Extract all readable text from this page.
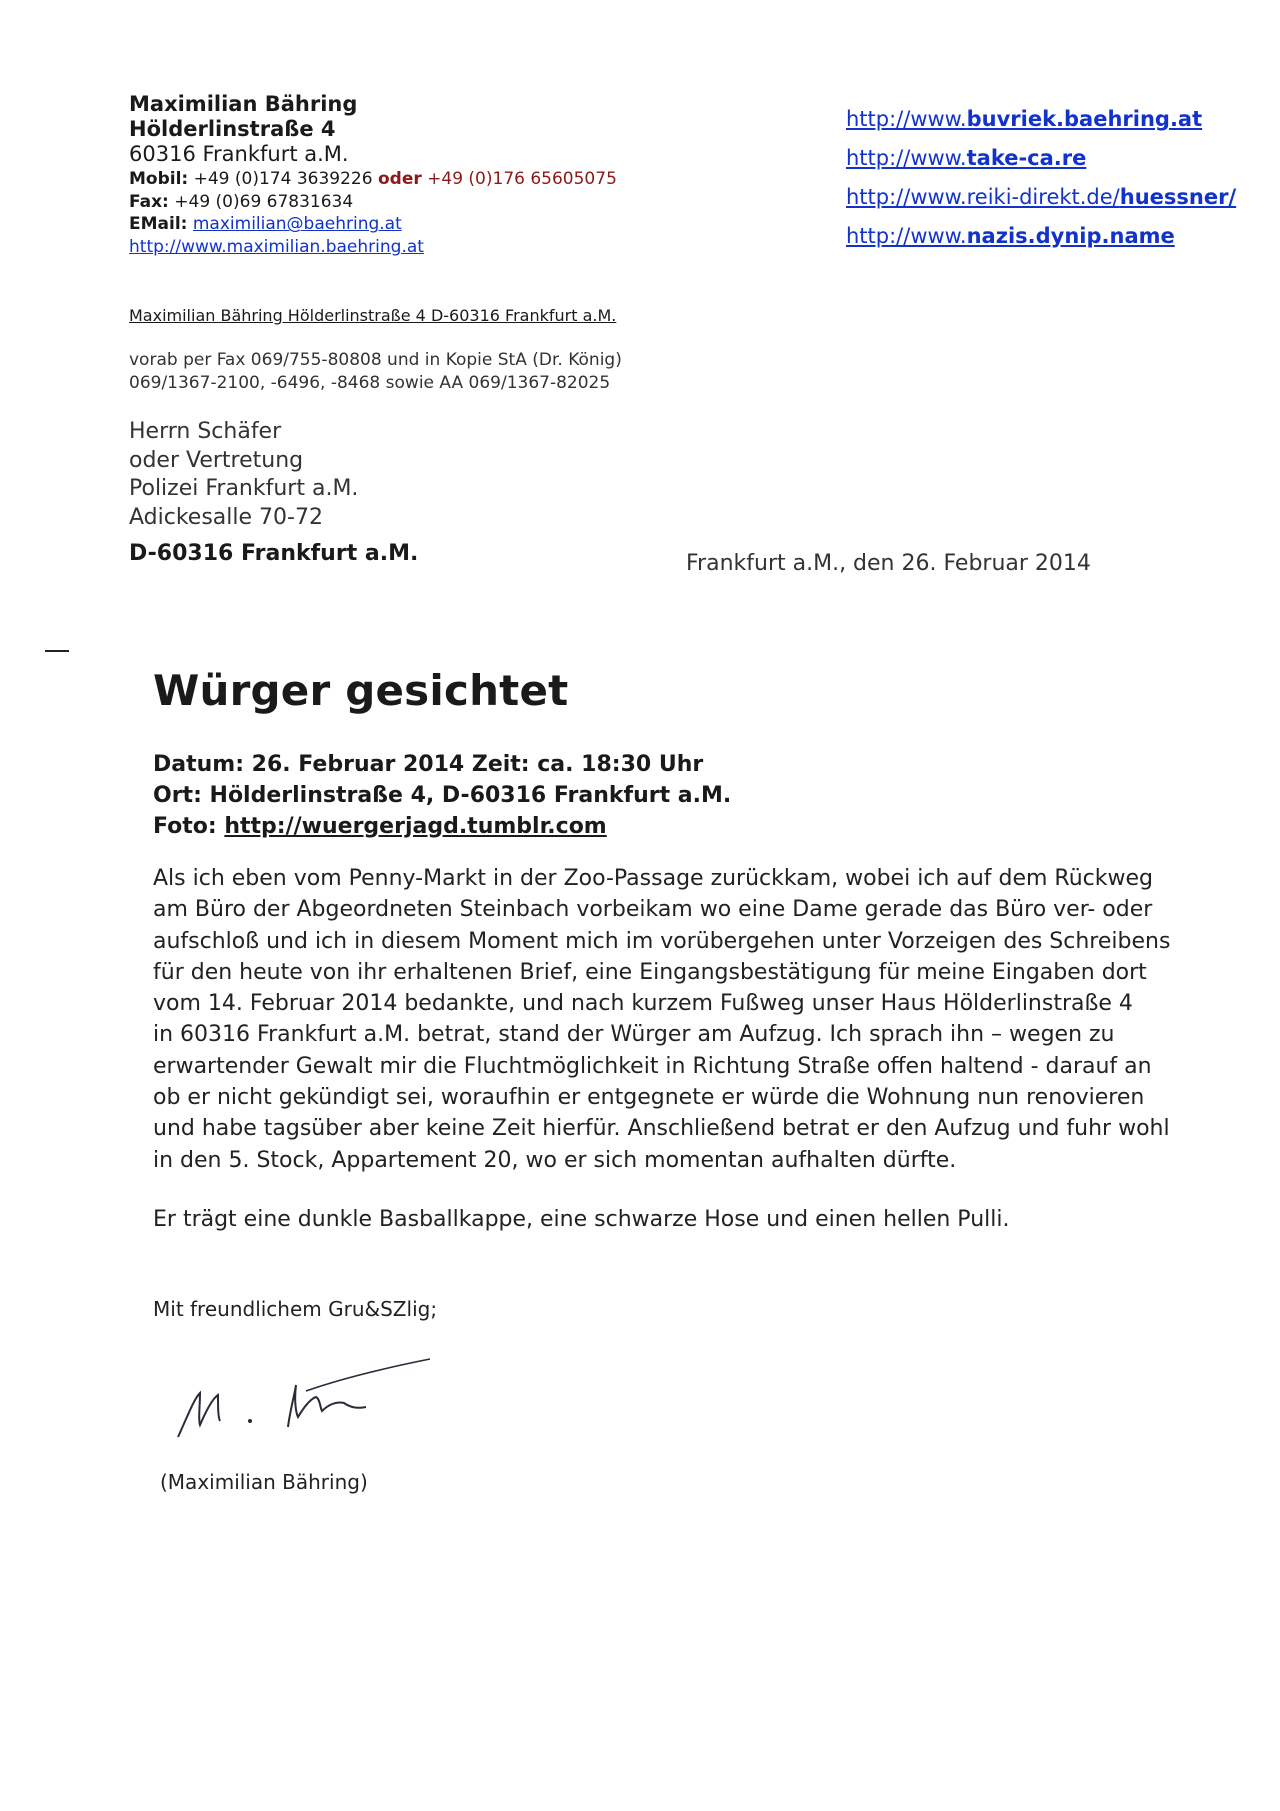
Maximilian Bähring
Hölderlinstraße 4
60316 Frankfurt a.M.
Mobil: +49 (0)174 3639226 oder +49 (0)176 65605075
Fax: +49 (0)69 67831634
EMail: maximilian@baehring.at
http://www.maximilian.baehring.at
http://www.buvriek.baehring.at
http://www.take-ca.re
http://www.reiki-direkt.de/huessner/
http://www.nazis.dynip.name
Maximilian Bähring Hölderlinstraße 4 D-60316 Frankfurt a.M.
vorab per Fax 069/755-80808 und in Kopie StA (Dr. König)
069/1367-2100, -6496, -8468 sowie AA 069/1367-82025
Herrn Schäfer
oder Vertretung
Polizei Frankfurt a.M.
Adickesalle 70-72
D-60316 Frankfurt a.M.	Frankfurt a.M., den 26. Februar 2014
Würger gesichtet
Datum: 26. Februar 2014 Zeit: ca. 18:30 Uhr
Ort: Hölderlinstraße 4, D-60316 Frankfurt a.M.
Foto: http://wuergerjagd.tumblr.com
Als ich eben vom Penny-Markt in der Zoo-Passage zurückkam, wobei ich auf dem Rückweg
am Büro der Abgeordneten Steinbach vorbeikam wo eine Dame gerade das Büro ver- oder
aufschloß und ich in diesem Moment mich im vorübergehen unter Vorzeigen des Schreibens
für den heute von ihr erhaltenen Brief, eine Eingangsbestätigung für meine Eingaben dort
vom 14. Februar 2014 bedankte, und nach kurzem Fußweg unser Haus Hölderlinstraße 4
in 60316 Frankfurt a.M. betrat, stand der Würger am Aufzug. Ich sprach ihn – wegen zu
erwartender Gewalt mir die Fluchtmöglichkeit in Richtung Straße offen haltend - darauf an
ob er nicht gekündigt sei, woraufhin er entgegnete er würde die Wohnung nun renovieren
und habe tagsüber aber keine Zeit hierfür. Anschließend betrat er den Aufzug und fuhr wohl
in den 5. Stock, Appartement 20, wo er sich momentan aufhalten dürfte.
Er trägt eine dunkle Basballkappe, eine schwarze Hose und einen hellen Pulli.
Mit freundlichem Gru&SZlig;
(Maximilian Bähring)
